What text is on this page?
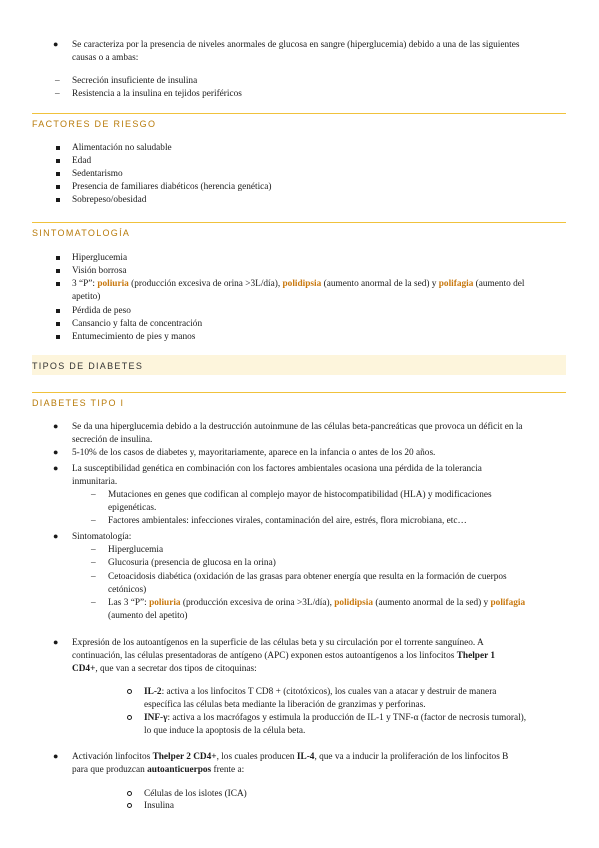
● Se caracteriza por la presencia de niveles anormales de glucosa en sangre (hiperglucemia) debido a una de las siguientes
causas o a ambas:
– Secreción insuficiente de insulina
– Resistencia a la insulina en tejidos periféricos
FACTORES DE RIESGO
Alimentación no saludable
Edad
Sedentarismo
Presencia de familiares diabéticos (herencia genética)
Sobrepeso/obesidad
SINTOMATOLOGÍA
Hiperglucemia
Visión borrosa
3 “P”: poliuria (producción excesiva de orina >3L/día), polidipsia (aumento anormal de la sed) y polifagia (aumento del
apetito)
Pérdida de peso
Cansancio y falta de concentración
Entumecimiento de pies y manos
TIPOS DE DIABETES
DIABETES TIPO I
● Se da una hiperglucemia debido a la destrucción autoinmune de las células beta-pancreáticas que provoca un déficit en la
secreción de insulina.
● 5-10% de los casos de diabetes y, mayoritariamente, aparece en la infancia o antes de los 20 años.
● La susceptibilidad genética en combinación con los factores ambientales ocasiona una pérdida de la tolerancia
inmunitaria.
– Mutaciones en genes que codifican al complejo mayor de histocompatibilidad (HLA) y modificaciones
epigenéticas.
– Factores ambientales: infecciones virales, contaminación del aire, estrés, flora microbiana, etc…
● Sintomatología:
– Hiperglucemia
– Glucosuria (presencia de glucosa en la orina)
– Cetoacidosis diabética (oxidación de las grasas para obtener energía que resulta en la formación de cuerpos
cetónicos)
– Las 3 “P”: poliuria (producción excesiva de orina >3L/día), polidipsia (aumento anormal de la sed) y polifagia
(aumento del apetito)
● Expresión de los autoantígenos en la superficie de las células beta y su circulación por el torrente sanguíneo. A
continuación, las células presentadoras de antígeno (APC) exponen estos autoantígenos a los linfocitos Thelper 1
CD4+, que van a secretar dos tipos de citoquinas:
IL-2: activa a los linfocitos T CD8 + (citotóxicos), los cuales van a atacar y destruir de manera
específica las células beta mediante la liberación de granzimas y perforinas.
INF-γ: activa a los macrófagos y estimula la producción de IL-1 y TNF-α (factor de necrosis tumoral),
lo que induce la apoptosis de la célula beta.
● Activación linfocitos Thelper 2 CD4+, los cuales producen IL-4, que va a inducir la proliferación de los linfocitos B
para que produzcan autoanticuerpos frente a:
Células de los islotes (ICA)
Insulina
